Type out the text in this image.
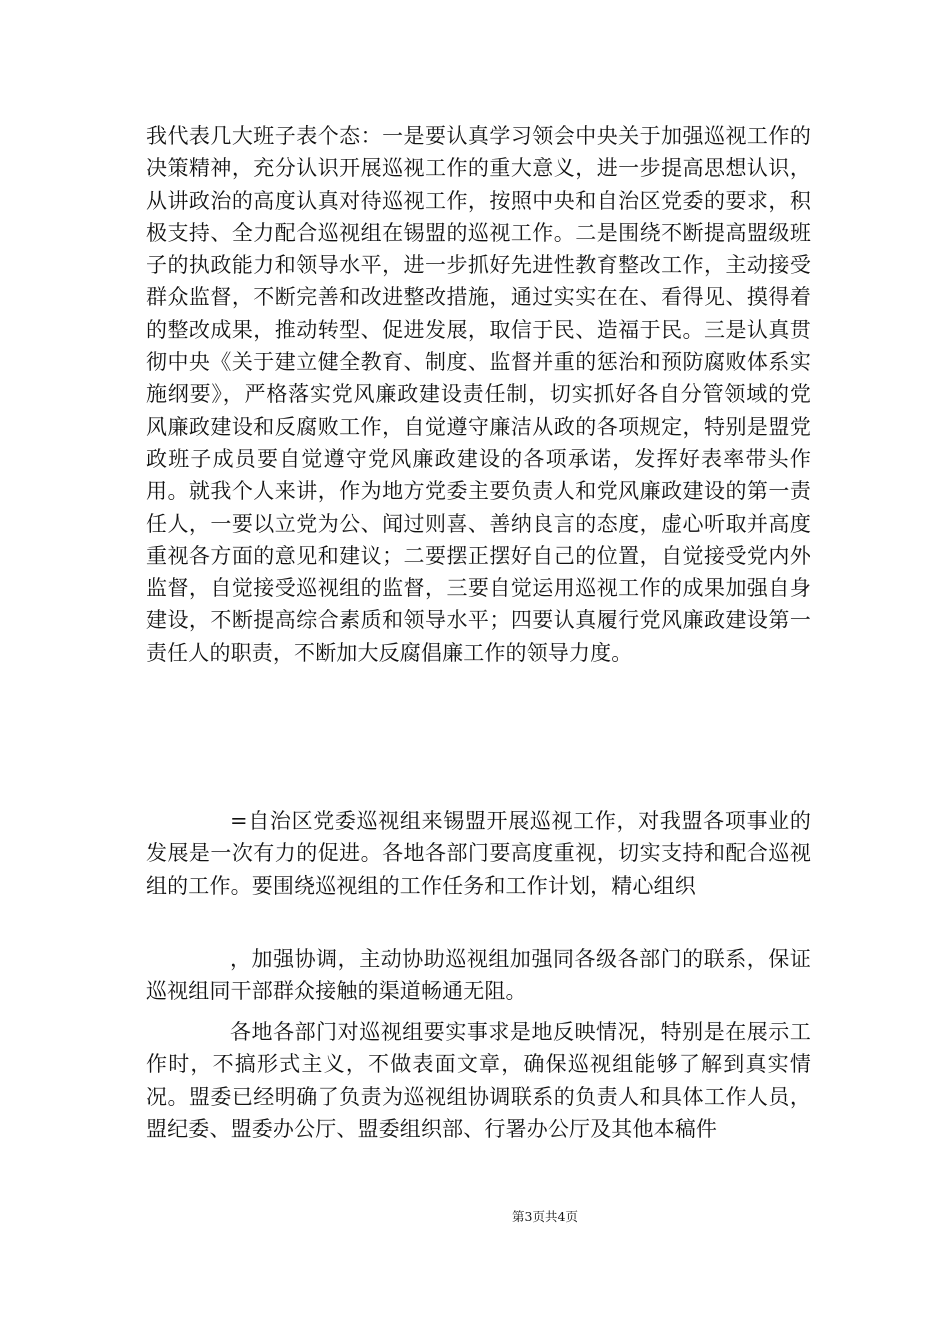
我代表几大班子表个态：一是要认真学习领会中央关于加强巡视工作的决策精神，充分认识开展巡视工作的重大意义，进一步提高思想认识，从讲政治的高度认真对待巡视工作，按照中央和自治区党委的要求，积极支持、全力配合巡视组在锡盟的巡视工作。二是围绕不断提高盟级班子的执政能力和领导水平，进一步抓好先进性教育整改工作，主动接受群众监督，不断完善和改进整改措施，通过实实在在、看得见、摸得着的整改成果，推动转型、促进发展，取信于民、造福于民。三是认真贯彻中央《关于建立健全教育、制度、监督并重的惩治和预防腐败体系实施纲要》，严格落实党风廉政建设责任制，切实抓好各自分管领域的党风廉政建设和反腐败工作，自觉遵守廉洁从政的各项规定，特别是盟党政班子成员要自觉遵守党风廉政建设的各项承诺，发挥好表率带头作用。就我个人来讲，作为地方党委主要负责人和党风廉政建设的第一责任人，一要以立党为公、闻过则喜、善纳良言的态度，虚心听取并高度重视各方面的意见和建议；二要摆正摆好自己的位置，自觉接受党内外监督，自觉接受巡视组的监督，三要自觉运用巡视工作的成果加强自身建设，不断提高综合素质和领导水平；四要认真履行党风廉政建设第一责任人的职责，不断加大反腐倡廉工作的领导力度。

=自治区党委巡视组来锡盟开展巡视工作，对我盟各项事业的发展是一次有力的促进。各地各部门要高度重视，切实支持和配合巡视组的工作。要围绕巡视组的工作任务和工作计划，精心组织

，加强协调，主动协助巡视组加强同各级各部门的联系，保证巡视组同干部群众接触的渠道畅通无阻。

各地各部门对巡视组要实事求是地反映情况，特别是在展示工作时，不搞形式主义，不做表面文章，确保巡视组能够了解到真实情况。盟委已经明确了负责为巡视组协调联系的负责人和具体工作人员，盟纪委、盟委办公厅、盟委组织部、行署办公厅及其他本稿件

第3页共4页
